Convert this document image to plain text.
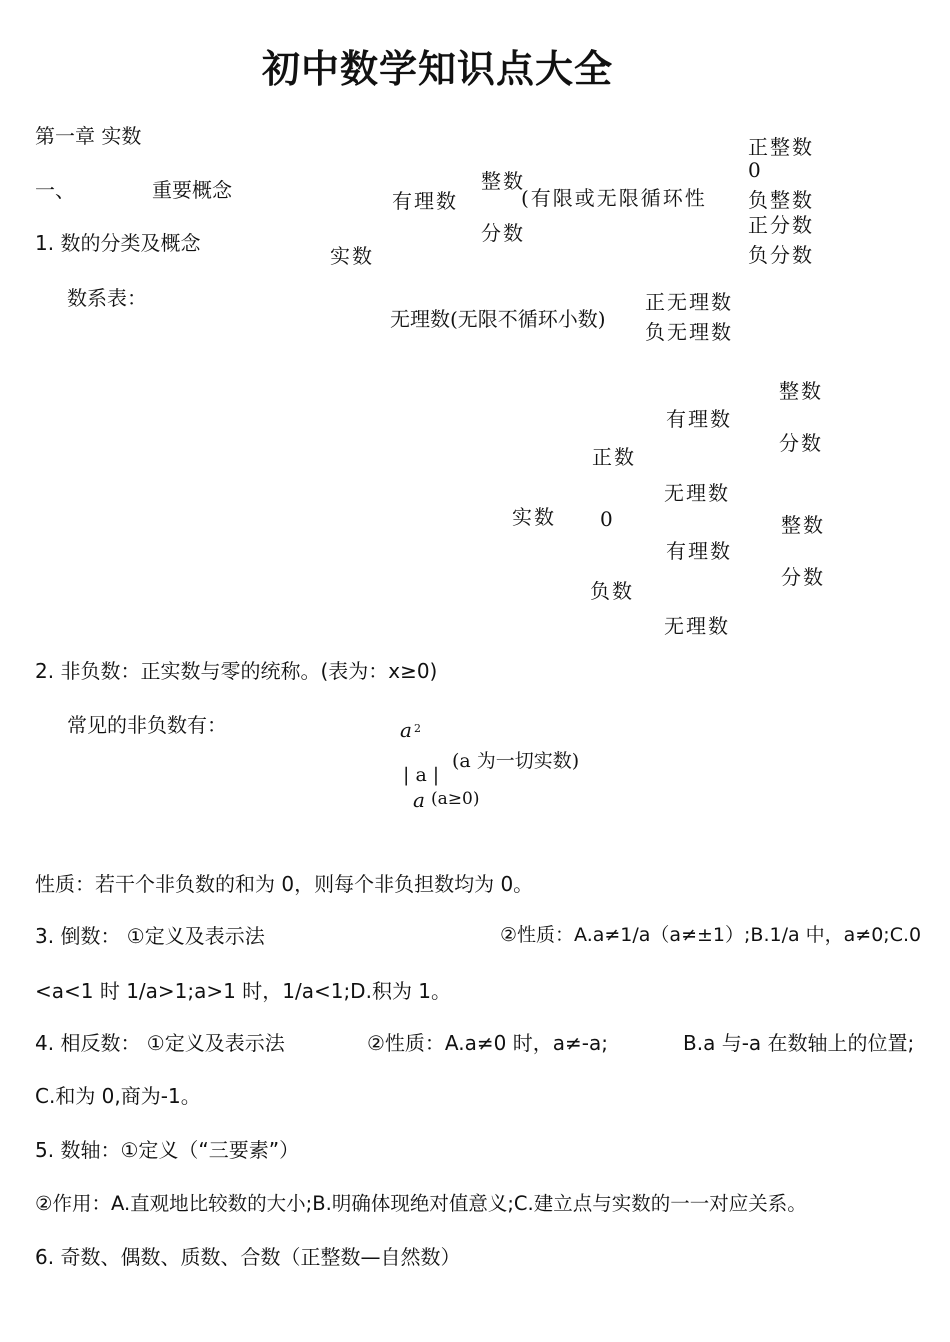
初中数学知识点大全
第一章 实数
一、	重要概念
1. 数的分类及概念
数系表：
实数
有理数
整数
分数
(有限或无限循环性
正整数
0
负整数
正分数
负分数
无理数(无限不循环小数)
正无理数
负无理数
实数
正数
0
负数
有理数
无理数
有理数
无理数
整数
分数
整数
分数
2. 非负数：正实数与零的统称。(表为：x≥0)
常见的非负数有：	a 2
| a |
(a 为一切实数)
a (a≥0)
性质：若干个非负数的和为 0，则每个非负担数均为 0。
3. 倒数： ①定义及表示法	②性质：A.a≠1/a（a≠±1）;B.1/a 中，a≠0;C.0
<a<1 时 1/a>1;a>1 时，1/a<1;D.积为 1。
4. 相反数： ①定义及表示法	②性质：A.a≠0 时，a≠-a;	B.a 与-a 在数轴上的位置;
C.和为 0,商为-1。
5. 数轴：①定义（“三要素”）
②作用：A.直观地比较数的大小;B.明确体现绝对值意义;C.建立点与实数的一一对应关系。
6. 奇数、偶数、质数、合数（正整数—自然数）
